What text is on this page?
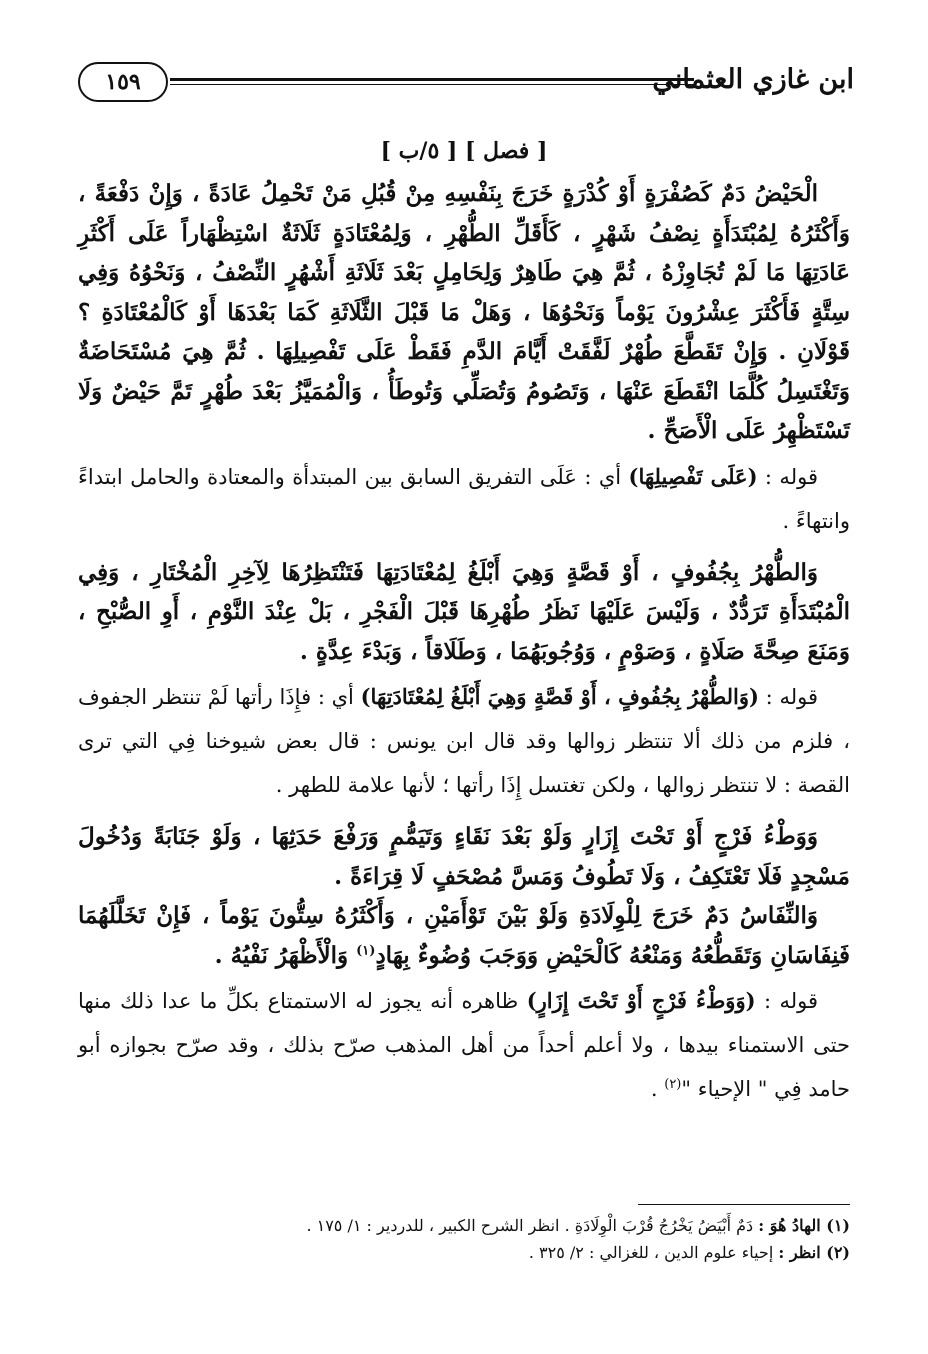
ابن غازي العثماني
١٥٩
[ فصل ] [ ٥/ب ]

الْحَيْضُ دَمٌ كَصُفْرَةٍ أَوْ كُدْرَةٍ خَرَجَ بِنَفْسِهِ مِنْ قُبُلِ مَنْ تَحْمِلُ عَادَةً ، وَإِنْ دَفْعَةً ، وَأَكْثَرُهُ لِمُبْتَدَأَةٍ نِصْفُ شَهْرٍ ، كَأَقَلِّ الطُّهْرِ ، وَلِمُعْتَادَةٍ ثَلَاثَةٌ اسْتِظْهَاراً عَلَى أَكْثَرِ عَادَتِهَا مَا لَمْ تُجَاوِزْهُ ، ثُمَّ هِيَ طَاهِرٌ وَلِحَامِلٍ بَعْدَ ثَلَاثَةِ أَشْهُرٍ النِّصْفُ ، وَنَحْوُهُ وَفِي سِتَّةٍ فَأَكْثَرَ عِشْرُونَ يَوْماً وَنَحْوُهَا ، وَهَلْ مَا قَبْلَ الثَّلَاثَةِ كَمَا بَعْدَهَا أَوْ كَالْمُعْتَادَةِ ؟ قَوْلَانِ . وَإِنْ تَقَطَّعَ طُهْرٌ لَفَّقَتْ أَيَّامَ الدَّمِ فَقَطْ عَلَى تَفْصِيلِهَا . ثُمَّ هِيَ مُسْتَحَاضَةٌ وَتَغْتَسِلُ كُلَّمَا انْقَطَعَ عَنْهَا ، وَتَصُومُ وَتُصَلِّي وَتُوطَأُ ، وَالْمُمَيَّزُ بَعْدَ طُهْرٍ تَمَّ حَيْضٌ وَلَا تَسْتَظْهِرُ عَلَى الْأَصَحِّ .

قوله : (عَلَى تَفْصِيلِهَا) أي : عَلَى التفريق السابق بين المبتدأة والمعتادة والحامل ابتداءً وانتهاءً .

وَالطُّهْرُ بِجُفُوفٍ ، أَوْ قَصَّةٍ وَهِيَ أَبْلَغُ لِمُعْتَادَتِهَا فَتَنْتَظِرُهَا لِآخِرِ الْمُخْتَارِ ، وَفِي الْمُبْتَدَأَةِ تَرَدُّدٌ ، وَلَيْسَ عَلَيْهَا نَظَرُ طُهْرِهَا قَبْلَ الْفَجْرِ ، بَلْ عِنْدَ النَّوْمِ ، أَوِ الصُّبْحِ ، وَمَنَعَ صِحَّةَ صَلَاةٍ ، وَصَوْمٍ ، وَوُجُوبَهُمَا ، وَطَلَاقاً ، وَبَدْءَ عِدَّةٍ .

قوله : (وَالطُّهْرُ بِجُفُوفٍ ، أَوْ قَصَّةٍ وَهِيَ أَبْلَغُ لِمُعْتَادَتِهَا) أي : فإِذَا رأتها لَمْ تنتظر الجفوف ، فلزم من ذلك ألا تنتظر زوالها وقد قال ابن يونس : قال بعض شيوخنا فِي التي ترى القصة : لا تنتظر زوالها ، ولكن تغتسل إِذَا رأتها ؛ لأنها علامة للطهر .

وَوَطْءُ فَرْجٍ أَوْ تَحْتَ إِزَارٍ وَلَوْ بَعْدَ نَقَاءٍ وَتَيَمُّمٍ وَرَفْعَ حَدَثِهَا ، وَلَوْ جَنَابَةً وَدُخُولَ مَسْجِدٍ فَلَا تَعْتَكِفُ ، وَلَا تَطُوفُ وَمَسَّ مُصْحَفٍ لَا قِرَاءَةً .

وَالنِّفَاسُ دَمٌ خَرَجَ لِلْوِلَادَةِ وَلَوْ بَيْنَ تَوْأَمَيْنِ ، وَأَكْثَرُهُ سِتُّونَ يَوْماً ، فَإِنْ تَخَلَّلَهُمَا فَنِفَاسَانِ وَتَقَطُّعُهُ وَمَنْعُهُ كَالْحَيْضِ وَوَجَبَ وُضُوءٌ بِهَادٍ$^{(١)}$ وَالْأَظْهَرُ نَفْيُهُ .

قوله : (وَوَطْءُ فَرْجٍ أَوْ تَحْتَ إِزَارٍ) ظاهره أنه يجوز له الاستمتاع بكلِّ ما عدا ذلك منها حتى الاستمناء بيدها ، ولا أعلم أحداً من أهل المذهب صرّح بذلك ، وقد صرّح بجوازه أبو حامد فِي " الإحياء "$^{(٢)}$ .

(١) الهادُ هُوَ : دَمٌ أَبْيَضُ يَخْرُجُ قُرْبَ الْوِلَادَةِ . انظر الشرح الكبير ، للدردير : ١/ ١٧٥ .
(٢) انظر : إحياء علوم الدين ، للغزالي : ٢/ ٣٢٥ .
